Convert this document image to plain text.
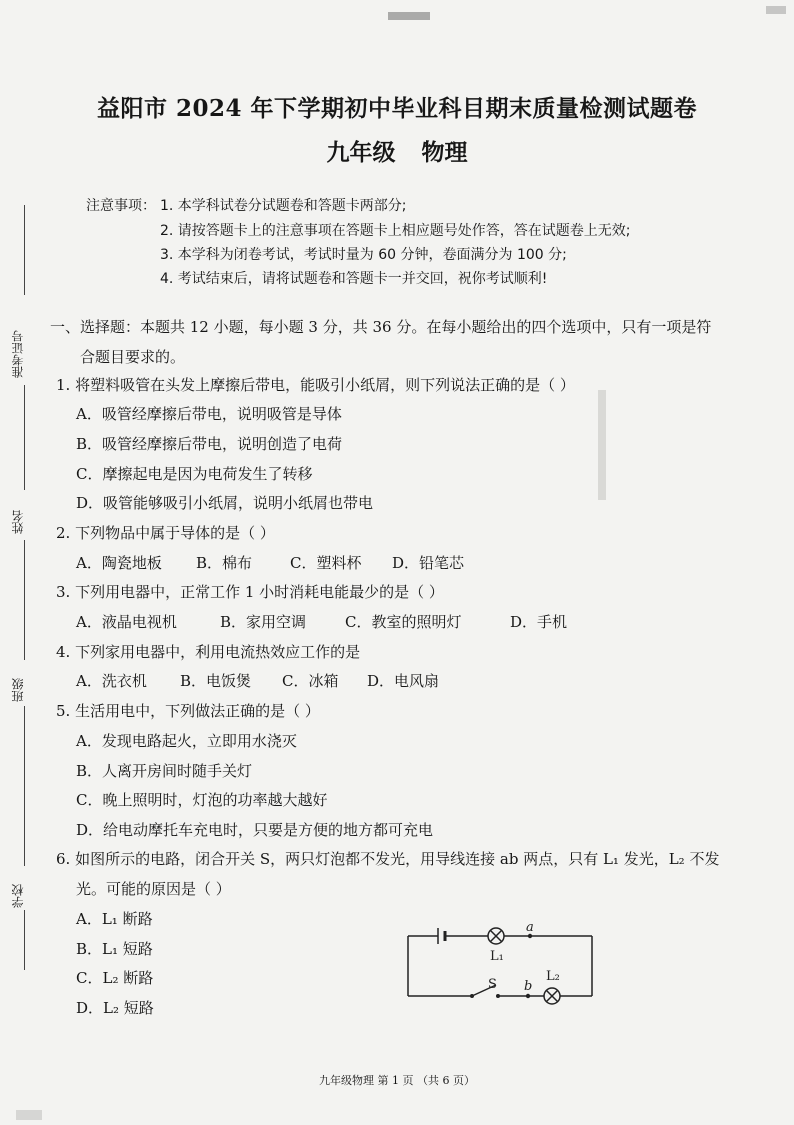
准考证号
姓名
班级
学校
益阳市 2024 年下学期初中毕业科目期末质量检测试题卷
九年级 物理
注意事项： 1. 本学科试卷分试题卷和答题卡两部分;
2. 请按答题卡上的注意事项在答题卡上相应题号处作答，答在试题卷上无效;
3. 本学科为闭卷考试，考试时量为 60 分钟，卷面满分为 100 分;
4. 考试结束后，请将试题卷和答题卡一并交回，祝你考试顺利!
一、选择题：本题共 12 小题，每小题 3 分，共 36 分。在每小题给出的四个选项中，只有一项是符
合题目要求的。
1. 将塑料吸管在头发上摩擦后带电，能吸引小纸屑，则下列说法正确的是（ ）
A．吸管经摩擦后带电，说明吸管是导体
B．吸管经摩擦后带电，说明创造了电荷
C．摩擦起电是因为电荷发生了转移
D．吸管能够吸引小纸屑，说明小纸屑也带电
2. 下列物品中属于导体的是（ ）
A．陶瓷地板 B．棉布	C．塑料杯 D．铅笔芯
3. 下列用电器中，正常工作 1 小时消耗电能最少的是（ ）
A．液晶电视机	B．家用空调	C．教室的照明灯	D．手机
4. 下列家用电器中，利用电流热效应工作的是
A．洗衣机 B．电饭煲 C．冰箱 D．电风扇
5. 生活用电中，下列做法正确的是（ ）
A．发现电路起火，立即用水浇灭
B．人离开房间时随手关灯
C．晚上照明时，灯泡的功率越大越好
D．给电动摩托车充电时，只要是方便的地方都可充电
6. 如图所示的电路，闭合开关 S，两只灯泡都不发光，用导线连接 ab 两点，只有 L₁ 发光，L₂ 不发
光。可能的原因是（ ）
A．L₁ 断路
B．L₁ 短路
C．L₂ 断路
D．L₂ 短路
L₁
a
S b
L₂
九年级物理 第 1 页 （共 6 页）
